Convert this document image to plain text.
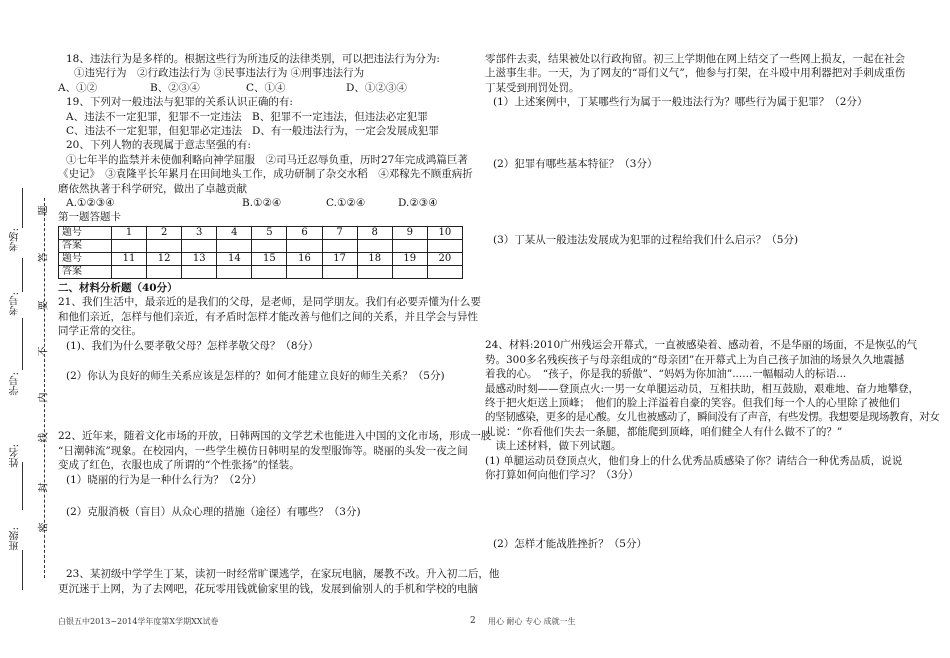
题
答
要
不
内
线
封
密
考场:
考号:
学号:
姓名:
班级:
18、违法行为是多样的。根据这些行为所违反的法律类别，可以把违法行为分为:
①违宪行为　②行政违法行为 ③民事违法行为 ④刑事违法行为
A、①②	B、②③④	C、①④	D、①②③④
19、下列对一般违法与犯罪的关系认识正确的有:
A、违法不一定犯罪，犯罪不一定违法 B、犯罪不一定违法，但违法必定犯罪
C、违法不一定犯罪，但犯罪必定违法 D、有一般违法行为，一定会发展成犯罪
20、下列人物的表现属于意志坚强的有:
①七年半的监禁并未使伽利略向神学屈服　②司马迁忍辱负重，历时27年完成鸿篇巨著
《史记》　③袁隆平长年累月在田间地头工作，成功研制了杂交水稻　④邓稼先不顾重病折
磨依然执著于科学研究，做出了卓越贡献
A.①②③④	B.①②④	C.①②④	D.②③④
第一题答题卡
题号	1	2	3	4	5	6	7	8	9	10
答案										
题号	11	12	13	14	15	16	17	18	19	20
答案										
二、材料分析题（40分）
21、我们生活中，最亲近的是我们的父母，是老师，是同学朋友。我们有必要弄懂为什么要
和他们亲近，怎样与他们亲近，有矛盾时怎样才能改善与他们之间的关系，并且学会与异性
同学正常的交往。
(1)、我们为什么要孝敬父母？怎样孝敬父母？（8分）
(2）你认为良好的师生关系应该是怎样的？如何才能建立良好的师生关系？（5分)
22、近年来，随着文化市场的开放，日韩两国的文学艺术也能进入中国的文化市场，形成一股
“日潮韩流”现象。在校园内，一些学生模仿日韩明星的发型服饰等。晓丽的头发一夜之间
变成了红色，衣服也成了所谓的“个性张扬”的怪装。
(1）晓丽的行为是一种什么行为？（2分）
(2）克服消极（盲目）从众心理的措施（途径）有哪些？（3分)
23、某初级中学学生丁某，读初一时经常旷课逃学，在家玩电脑，屡教不改。升入初二后，他
更沉迷于上网，为了去网吧，花玩零用钱就偷家里的钱，发展到偷别人的手机和学校的电脑
零部件去卖，结果被处以行政拘留。初三上学期他在网上结交了一些网上损友，一起在社会
上滋事生非。一天，为了网友的“哥们义气”，他参与打架，在斗殴中用利器把对手刺成重伤
丁某受到刑罚处罚。
(1）上述案例中，丁某哪些行为属于一般违法行为？哪些行为属于犯罪？（2分）
(2）犯罪有哪些基本特征？（3分）
(3）丁某从一般违法发展成为犯罪的过程给我们什么启示？（5分)
24、材料:2010广州残运会开幕式，一直被感染着、感动着，不是华丽的场面，不是恢弘的气
势。300多名残疾孩子与母亲组成的“母亲团”在开幕式上为自己孩子加油的场景久久地震撼
着我的心。　“孩子，你是我的骄傲”、“妈妈为你加油”......一幅幅动人的标语...
最感动时刻——登顶点火:一男一女单腿运动员，互相扶助，相互鼓励，艰难地、奋力地攀登，
终于把火炬送上顶峰；　他们的脸上洋溢着自豪的笑容。但我们每一个人的心里除了被他们
的坚韧感染，更多的是心酸。女儿也被感动了，瞬间没有了声音，有些发愣。我想要是现场教育，对女
儿说：“你看他们失去一条腿，都能爬到顶峰，咱们健全人有什么做不了的？”
　读上述材料，做下列试题。
(1) 单腿运动员登顶点火，他们身上的什么优秀品质感染了你？请结合一种优秀品质，说说
你打算如何向他们学习？（3分）
(2）怎样才能战胜挫折？（5分）
白银五中2013~2014学年度第X学期XX试卷	2 用心 耐心 专心 成就一生
